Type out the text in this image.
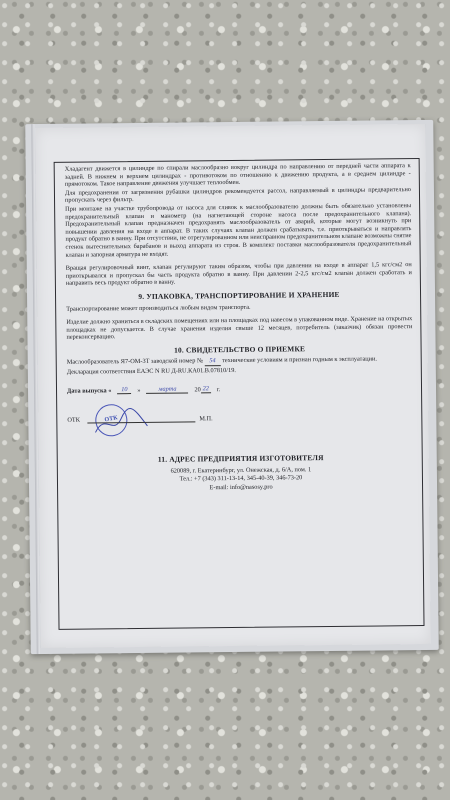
Хладагент движется в цилиндре по спирали маслообразно вокруг цилиндра по направлению от передней части аппарата к задней. В нижнем и верхнем цилиндрах - противотоком по отношению к движению продукта, а в среднем цилиндре - прямотоком. Такое направление движения улучшает теплообмен.

Для предохранения от загрязнения рубашки цилиндров рекомендуется рассол, направляемый в цилиндры предварительно пропускать через фильтр.

При монтаже на участке трубопровода от насоса для сливок к маслообразователю должны быть обязательно установлены предохранительный клапан и манометр (на нагнетающей стороне насоса после предохранительного клапана). Предохранительный клапан предназначен предохранять маслообразователь от аварий, которые могут возникнуть при повышении давления на входе в аппарат. В таких случаях клапан должен срабатывать, т.е. приоткрываться и направлять продукт обратно в ванну. При отсутствии, не отрегулированном или неисправном предохранительном клапане возможны снятие стенок вытеснительных барабанов и выход аппарата из строя. В комплект поставки маслообразователя предохранительный клапан и запорная арматура не входят.

Вращая регулировочный винт, клапан регулируют таким образом, чтобы при давлении на входе в аппарат 1,5 кгс/см2 он приоткрывался и пропускал бы часть продукта обратно в ванну. При давлении 2-2,5 кгс/см2 клапан должен сработать и направить весь продукт обратно в ванну.

9. УПАКОВКА, ТРАНСПОРТИРОВАНИЕ И ХРАНЕНИЕ

Транспортирование может производиться любым видом транспорта.

Изделие должно храниться в складских помещениях или на площадках под навесом в упакованном виде. Хранение на открытых площадках не допускается. В случае хранения изделия свыше 12 месяцев, потребитель (заказчик) обязан провести переконсервацию.

10. СВИДЕТЕЛЬСТВО О ПРИЕМКЕ

Маслообразователь Я7-ОМ-3Т заводской номер № 54 технические условиям и признан годным к эксплуатации.

Декларация соответствия ЕАЭС N RU Д-RU.КА01.В.07810/19.

Дата выпуска «	10	»	марта	20 22 г.
ОТК	ОТК	М.П.
11. АДРЕС ПРЕДПРИЯТИЯ ИЗГОТОВИТЕЛЯ
620089, г. Екатеринбург, ул. Онежская, д. 6/А, пом. 1
Тел.: +7 (343) 311-13-14, 345-40-39, 346-73-20
E-mail: info@nasosy.pro
